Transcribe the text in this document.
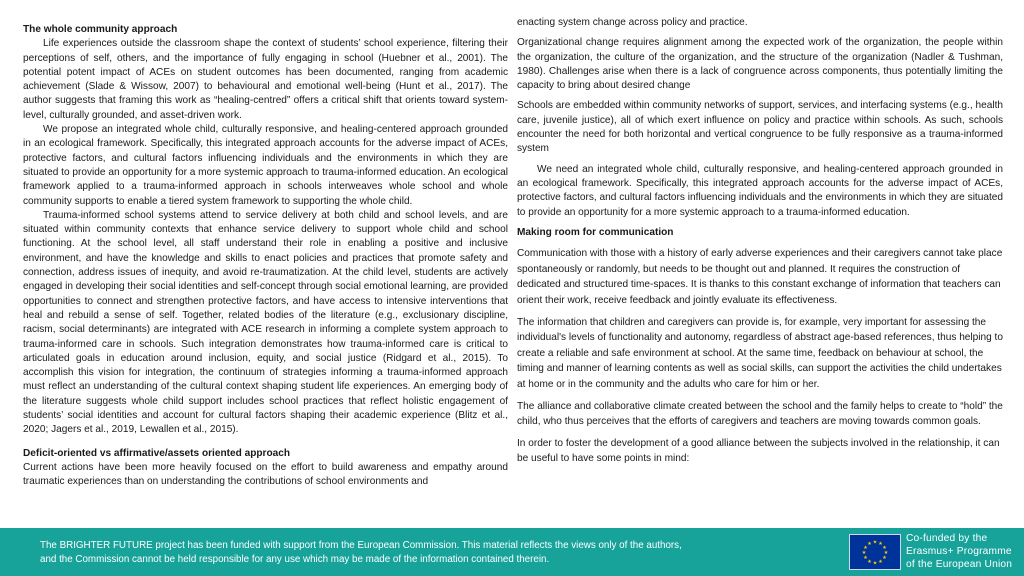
The whole community approach

Life experiences outside the classroom shape the context of students’ school experience, filtering their perceptions of self, others, and the importance of fully engaging in school (Huebner et al., 2001). The potential potent impact of ACEs on student outcomes has been documented, ranging from academic achievement (Slade & Wissow, 2007) to behavioural and emotional well-being (Hunt et al., 2017). The author suggests that framing this work as “healing-centred” offers a critical shift that orients toward system-level, culturally grounded, and asset-driven work.

We propose an integrated whole child, culturally responsive, and healing-centered approach grounded in an ecological framework. Specifically, this integrated approach accounts for the adverse impact of ACEs, protective factors, and cultural factors influencing individuals and the environments in which they are situated to provide an opportunity for a more systemic approach to trauma-informed education. An ecological framework applied to a trauma-informed approach in schools interweaves whole school and whole community supports to enable a tiered system framework to supporting the whole child.

Trauma-informed school systems attend to service delivery at both child and school levels, and are situated within community contexts that enhance service delivery to support whole child and school functioning. At the school level, all staff understand their role in enabling a positive and inclusive environment, and have the knowledge and skills to enact policies and practices that promote safety and connection, address issues of inequity, and avoid re-traumatization. At the child level, students are actively engaged in developing their social identities and self-concept through social emotional learning, are provided opportunities to connect and strengthen protective factors, and have access to intensive interventions that heal and rebuild a sense of self. Together, related bodies of the literature (e.g., exclusionary discipline, racism, social determinants) are integrated with ACE research in informing a complete system approach to trauma-informed care in schools. Such integration demonstrates how trauma-informed care is critical to articulated goals in education around inclusion, equity, and social justice (Ridgard et al., 2015). To accomplish this vision for integration, the continuum of strategies informing a trauma-informed approach must reflect an understanding of the cultural context shaping student life experiences. An emerging body of the literature suggests whole child support includes school practices that reflect holistic engagement of students’ social identities and account for cultural factors shaping their academic experience (Blitz et al., 2020; Jagers et al., 2019, Lewallen et al., 2015).

Deficit-oriented vs affirmative/assets oriented approach

Current actions have been more heavily focused on the effort to build awareness and empathy around traumatic experiences than on understanding the contributions of school environments and

enacting system change across policy and practice.

Organizational change requires alignment among the expected work of the organization, the people within the organization, the culture of the organization, and the structure of the organization (Nadler & Tushman, 1980). Challenges arise when there is a lack of congruence across components, thus potentially limiting the capacity to bring about desired change

Schools are embedded within community networks of support, services, and interfacing systems (e.g., health care, juvenile justice), all of which exert influence on policy and practice within schools. As such, schools encounter the need for both horizontal and vertical congruence to be fully responsive as a trauma-informed system

We need an integrated whole child, culturally responsive, and healing-centered approach grounded in an ecological framework. Specifically, this integrated approach accounts for the adverse impact of ACEs, protective factors, and cultural factors influencing individuals and the environments in which they are situated to provide an opportunity for a more systemic approach to a trauma-informed education.

Making room for communication

Communication with those with a history of early adverse experiences and their caregivers cannot take place spontaneously or randomly, but needs to be thought out and planned. It requires the construction of dedicated and structured time-spaces. It is thanks to this constant exchange of information that teachers can orient their work, receive feedback and jointly evaluate its effectiveness.

The information that children and caregivers can provide is, for example, very important for assessing the individual's levels of functionality and autonomy, regardless of abstract age-based references, thus helping to create a reliable and safe environment at school. At the same time, feedback on behaviour at school, the timing and manner of learning contents as well as social skills, can support the activities the child undertakes at home or in the community and the adults who care for him or her.

The alliance and collaborative climate created between the school and the family helps to create to “hold” the child, who thus perceives that the efforts of caregivers and teachers are moving towards common goals.

In order to foster the development of a good alliance between the subjects involved in the relationship, it can be useful to have some points in mind:

The BRIGHTER FUTURE project has been funded with support from the European Commission. This material reflects the views only of the authors,
and the Commission cannot be held responsible for any use which may be made of the information contained therein.
★ ★
★
★
★
★
★
★
★
★
★
★	Co-funded by the
Erasmus+ Programme
of the European Union
